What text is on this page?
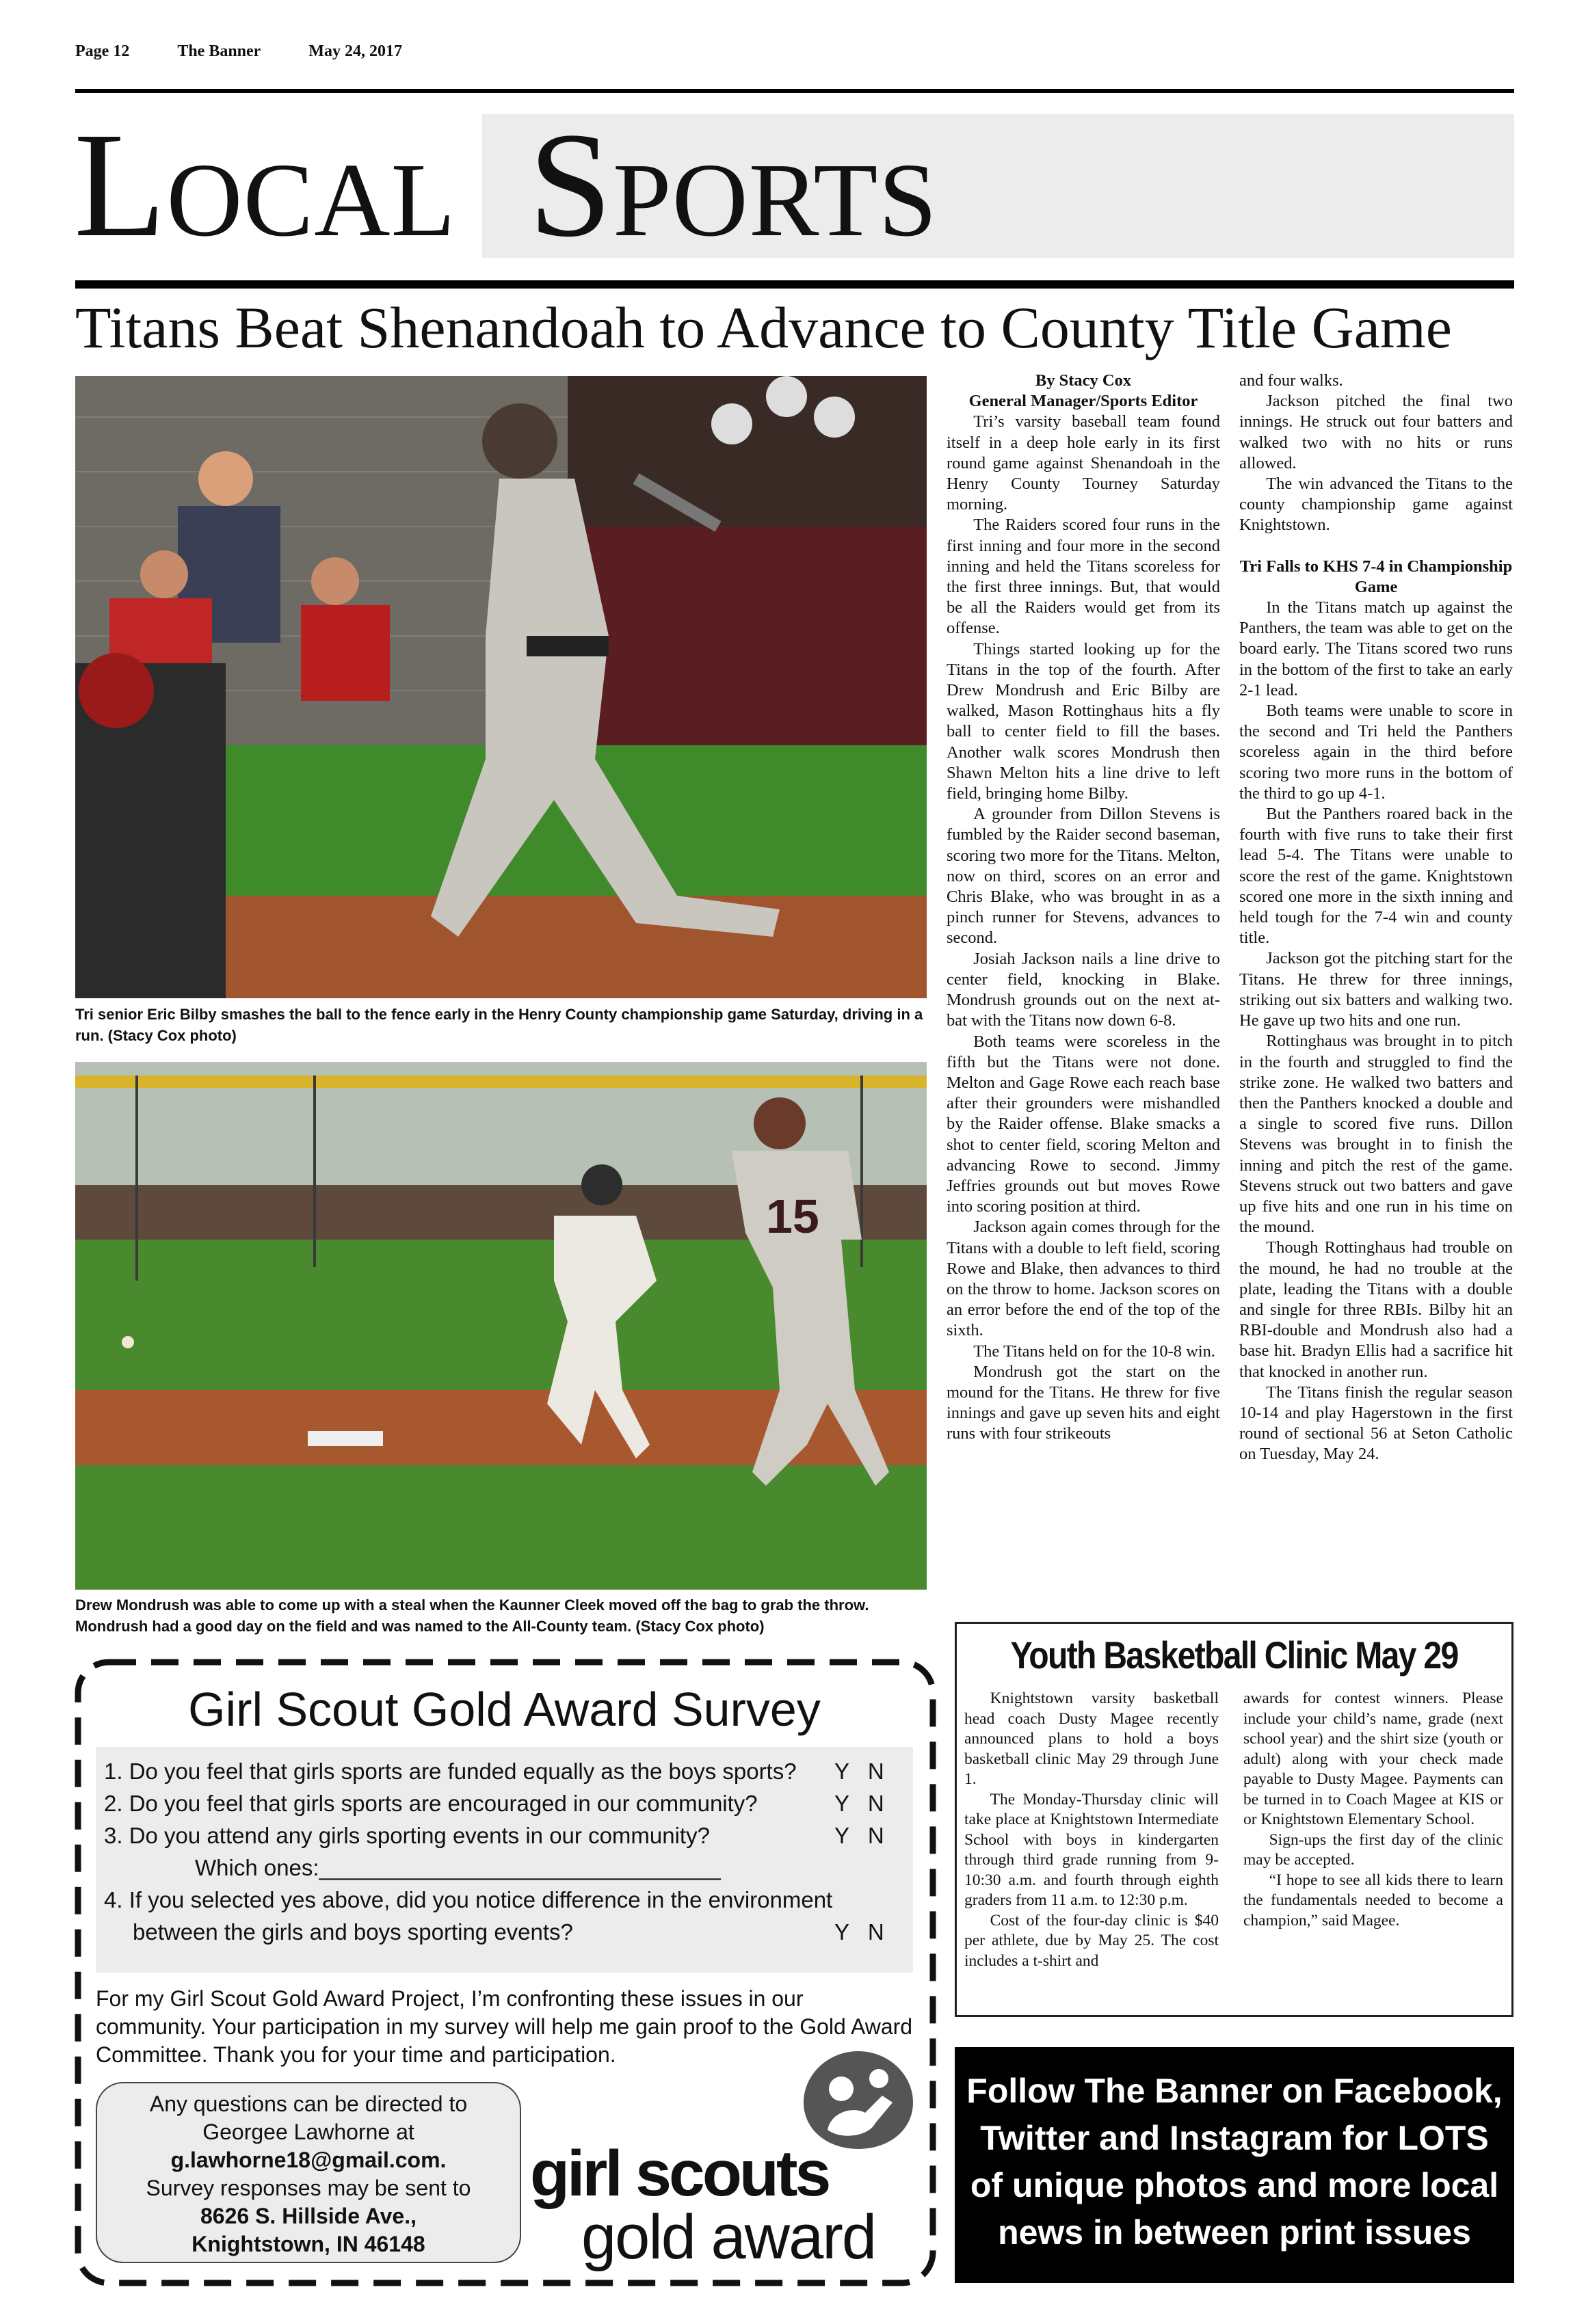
Page 12	The Banner	May 24, 2017
Local Sports
Titans Beat Shenandoah to Advance to County Title Game
Tri senior Eric Bilby smashes the ball to the fence early in the Henry County championship game Saturday, driving in a run. (Stacy Cox photo)
15
Drew Mondrush was able to come up with a steal when the Kaunner Cleek moved off the bag to grab the throw. Mondrush had a good day on the field and was named to the All-County team. (Stacy Cox photo)

By Stacy Cox

General Manager/Sports Editor

Tri’s varsity baseball team found itself in a deep hole early in its first round game against Shenandoah in the Henry County Tourney Saturday morning.

The Raiders scored four runs in the first inning and four more in the second inning and held the Titans scoreless for the first three innings. But, that would be all the Raiders would get from its offense.

Things started looking up for the Titans in the top of the fourth. After Drew Mondrush and Eric Bilby are walked, Mason Rottinghaus hits a fly ball to center field to fill the bases. Another walk scores Mondrush then Shawn Melton hits a line drive to left field, bringing home Bilby.

A grounder from Dillon Stevens is fumbled by the Raider second baseman, scoring two more for the Titans. Melton, now on third, scores on an error and Chris Blake, who was brought in as a pinch runner for Stevens, advances to second.

Josiah Jackson nails a line drive to center field, knocking in Blake. Mondrush grounds out on the next at-bat with the Titans now down 6-8.

Both teams were scoreless in the fifth but the Titans were not done. Melton and Gage Rowe each reach base after their grounders were mishandled by the Raider offense. Blake smacks a shot to center field, scoring Melton and advancing Rowe to second. Jimmy Jeffries grounds out but moves Rowe into scoring position at third.

Jackson again comes through for the Titans with a double to left field, scoring Rowe and Blake, then advances to third on the throw to home. Jackson scores on an error before the end of the top of the sixth.

The Titans held on for the 10-8 win.

Mondrush got the start on the mound for the Titans. He threw for five innings and gave up seven hits and eight runs with four strikeouts

and four walks.

Jackson pitched the final two innings. He struck out four batters and walked two with no hits or runs allowed.

The win advanced the Titans to the county championship game against Knightstown.

Tri Falls to KHS 7-4 in Championship Game

In the Titans match up against the Panthers, the team was able to get on the board early. The Titans scored two runs in the bottom of the first to take an early 2-1 lead.

Both teams were unable to score in the second and Tri held the Panthers scoreless again in the third before scoring two more runs in the bottom of the third to go up 4-1.

But the Panthers roared back in the fourth with five runs to take their first lead 5-4. The Titans were unable to score the rest of the game. Knightstown scored one more in the sixth inning and held tough for the 7-4 win and county title.

Jackson got the pitching start for the Titans. He threw for three innings, striking out six batters and walking two. He gave up two hits and one run.

Rottinghaus was brought in to pitch in the fourth and struggled to find the strike zone. He walked two batters and then the Panthers knocked a double and a single to scored five runs. Dillon Stevens was brought in to finish the inning and pitch the rest of the game. Stevens struck out two batters and gave up five hits and one run in his time on the mound.

Though Rottinghaus had trouble on the mound, he had no trouble at the plate, leading the Titans with a double and single for three RBIs. Bilby hit an RBI-double and Mondrush also had a base hit. Bradyn Ellis had a sacrifice hit that knocked in another run.

The Titans finish the regular season 10-14 and play Hagerstown in the first round of sectional 56 at Seton Catholic on Tuesday, May 24.

Youth Basketball Clinic May 29

Knightstown varsity basketball head coach Dusty Magee recently announced plans to hold a boys basketball clinic May 29 through June 1.

The Monday-Thursday clinic will take place at Knightstown Intermediate School with boys in kindergarten through third grade running from 9-10:30 a.m. and fourth through eighth graders from 11 a.m. to 12:30 p.m.

Cost of the four-day clinic is $40 per athlete, due by May 25. The cost includes a t-shirt and

awards for contest winners. Please include your child’s name, grade (next school year) and the shirt size (youth or adult) along with your check made payable to Dusty Magee. Payments can be turned in to Coach Magee at KIS or or Knightstown Elementary School.

Sign-ups the first day of the clinic may be accepted.

“I hope to see all kids there to learn the fundamentals needed to become a champion,” said Magee.

Follow The Banner on Facebook,
Twitter and Instagram for LOTS
of unique photos and more local
news in between print issues
Girl Scout Gold Award Survey
1. Do you feel that girls sports are funded equally as the boys sports? Y   N
2. Do you feel that girls sports are encouraged in our community?	Y   N
3. Do you attend any girls sporting events in our community?	Y   N
Which ones:________________________________
4. If you selected yes above, did you notice difference in the environment
between the girls and boys sporting events?	Y   N
For my Girl Scout Gold Award Project, I’m confronting these issues in our community. Your participation in my survey will help me gain proof to the Gold Award Committee. Thank you for your time and participation.
Any questions can be directed to
Georgee Lawhorne at
g.lawhorne18@gmail.com.
Survey responses may be sent to
8626 S. Hillside Ave.,
Knightstown, IN 46148
girl scouts
gold award
